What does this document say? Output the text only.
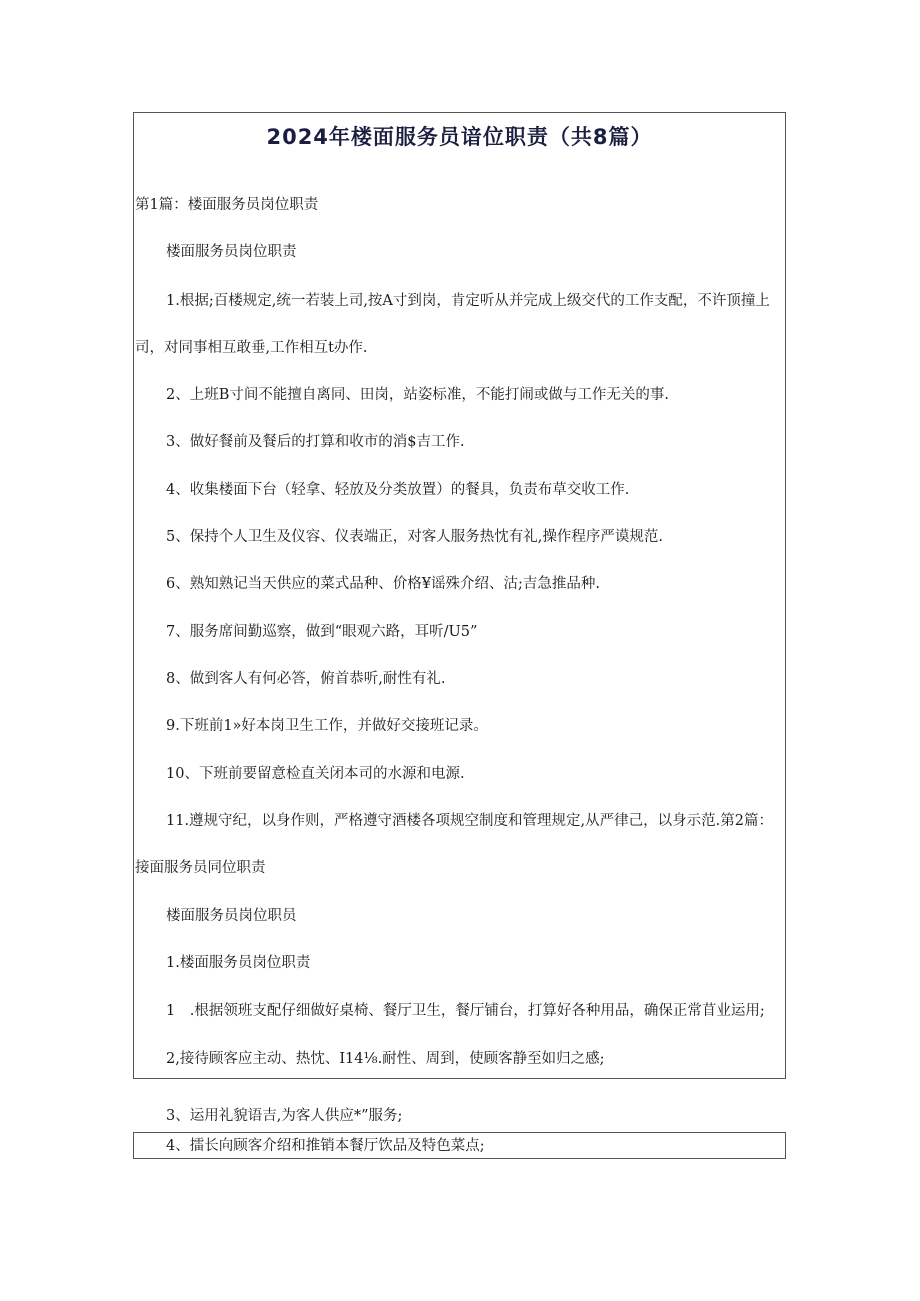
2024年楼面服务员谙位职责（共8篇）
第1篇：楼面服务员岗位职责
楼面服务员岗位职责
1.根据;百楼规定,统一若装上司,按A寸到岗，肯定听从并完成上级交代的工作支配，不许顶撞上
司，对同事相互敢垂,工作相互t办作.
2、上班B寸间不能擅自离同、田岗，站姿标准，不能打闹或做与工作无关的事.
3、做好餐前及餐后的打算和收市的消$吉工作.
4、收集楼面下台（轻拿、轻放及分类放置）的餐具，负责布草交收工作.
5、保持个人卫生及仪容、仪表端正，对客人服务热忱有礼,操作程序严谟规范.
6、熟知熟记当天供应的菜式品种、价格¥谣殊介绍、沽;吉急推品种.
7、服务席间勤巡察，做到“眼观六路，耳听/U5”
8、做到客人有何必答，俯首恭听,耐性有礼.
9.下班前1»好本岗卫生工作，并做好交接班记录。
10、下班前要留意检直关闭本司的水源和电源.
11.遵规守纪，以身作则，严格遵守酒楼各项规空制度和管理规定,从严律己，以身示范.第2篇：
接面服务员同位职责
楼面服务员岗位职员
1.楼面服务员岗位职责
1　.根据领班支配仔细做好桌椅、餐厅卫生，餐厅铺台，打算好各种用品，确保正常苜业运用;
2,接待顾客应主动、热忱、I14⅛.耐性、周到，使顾客静至如归之感;
3、运用礼貌语吉,为客人供应*”服务;
4、擂长向顾客介绍和推销本餐厅饮品及特色菜点;
